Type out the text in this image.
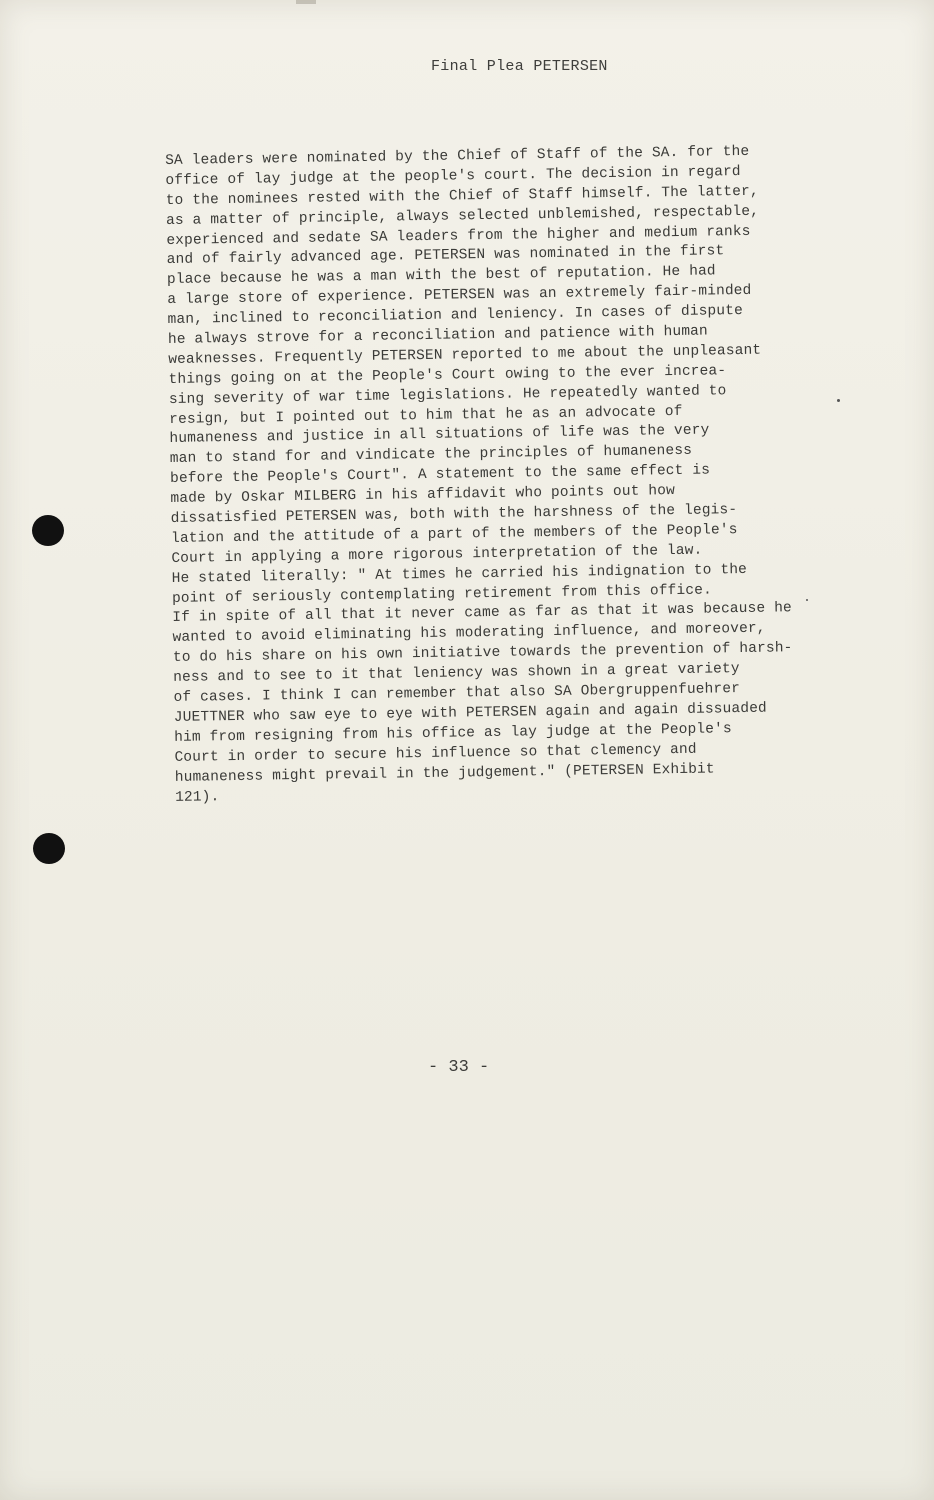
Final Plea PETERSEN
SA leaders were nominated by the Chief of Staff of the SA. for the
office of lay judge at the people's court. The decision in regard
to the nominees rested with the Chief of Staff himself. The latter,
as a matter of principle, always selected unblemished, respectable,
experienced and sedate SA leaders from the higher and medium ranks
and of fairly advanced age. PETERSEN was nominated in the first
place because he was a man with the best of reputation. He had
a large store of experience. PETERSEN was an extremely fair-minded
man, inclined to reconciliation and leniency. In cases of dispute
he always strove for a reconciliation and patience with human
weaknesses. Frequently PETERSEN reported to me about the unpleasant
things going on at the People's Court owing to the ever increa-
sing severity of war time legislations. He repeatedly wanted to
resign, but I pointed out to him that he as an advocate of
humaneness and justice in all situations of life was the very
man to stand for and vindicate the principles of humaneness
before the People's Court". A statement to the same effect is
made by Oskar MILBERG in his affidavit who points out how
dissatisfied PETERSEN was, both with the harshness of the legis-
lation and the attitude of a part of the members of the People's
Court in applying a more rigorous interpretation of the law.
He stated literally: " At times he carried his indignation to the
point of seriously contemplating retirement from this office.
If in spite of all that it never came as far as that it was because he
wanted to avoid eliminating his moderating influence, and moreover,
to do his share on his own initiative towards the prevention of harsh-
ness and to see to it that leniency was shown in a great variety
of cases. I think I can remember that also SA Obergruppenfuehrer
JUETTNER who saw eye to eye with PETERSEN again and again dissuaded
him from resigning from his office as lay judge at the People's
Court in order to secure his influence so that clemency and
humaneness might prevail in the judgement." (PETERSEN Exhibit
121).
- 33 -
